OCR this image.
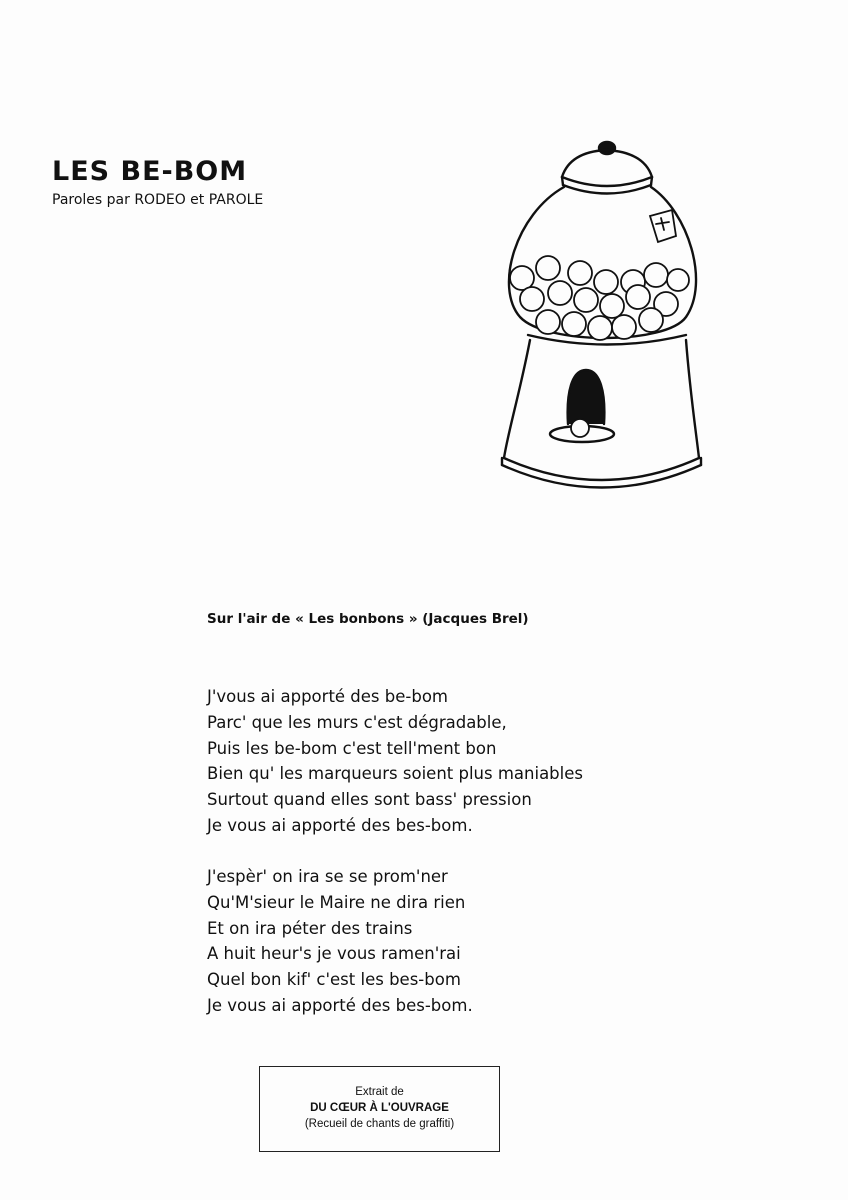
LES BE-BOM

Paroles par RODEO et PAROLE

Sur l'air de « Les bonbons » (Jacques Brel)

J'vous ai apporté des be-bom
Parc' que les murs c'est dégradable,
Puis les be-bom c'est tell'ment bon
Bien qu' les marqueurs soient plus maniables
Surtout quand elles sont bass' pression
Je vous ai apporté des bes-bom.
J'espèr' on ira se se prom'ner
Qu'M'sieur le Maire ne dira rien
Et on ira péter des trains
A huit heur's je vous ramen'rai
Quel bon kif' c'est les bes-bom
Je vous ai apporté des bes-bom.
Extrait de
DU CŒUR À L'OUVRAGE
(Recueil de chants de graffiti)
